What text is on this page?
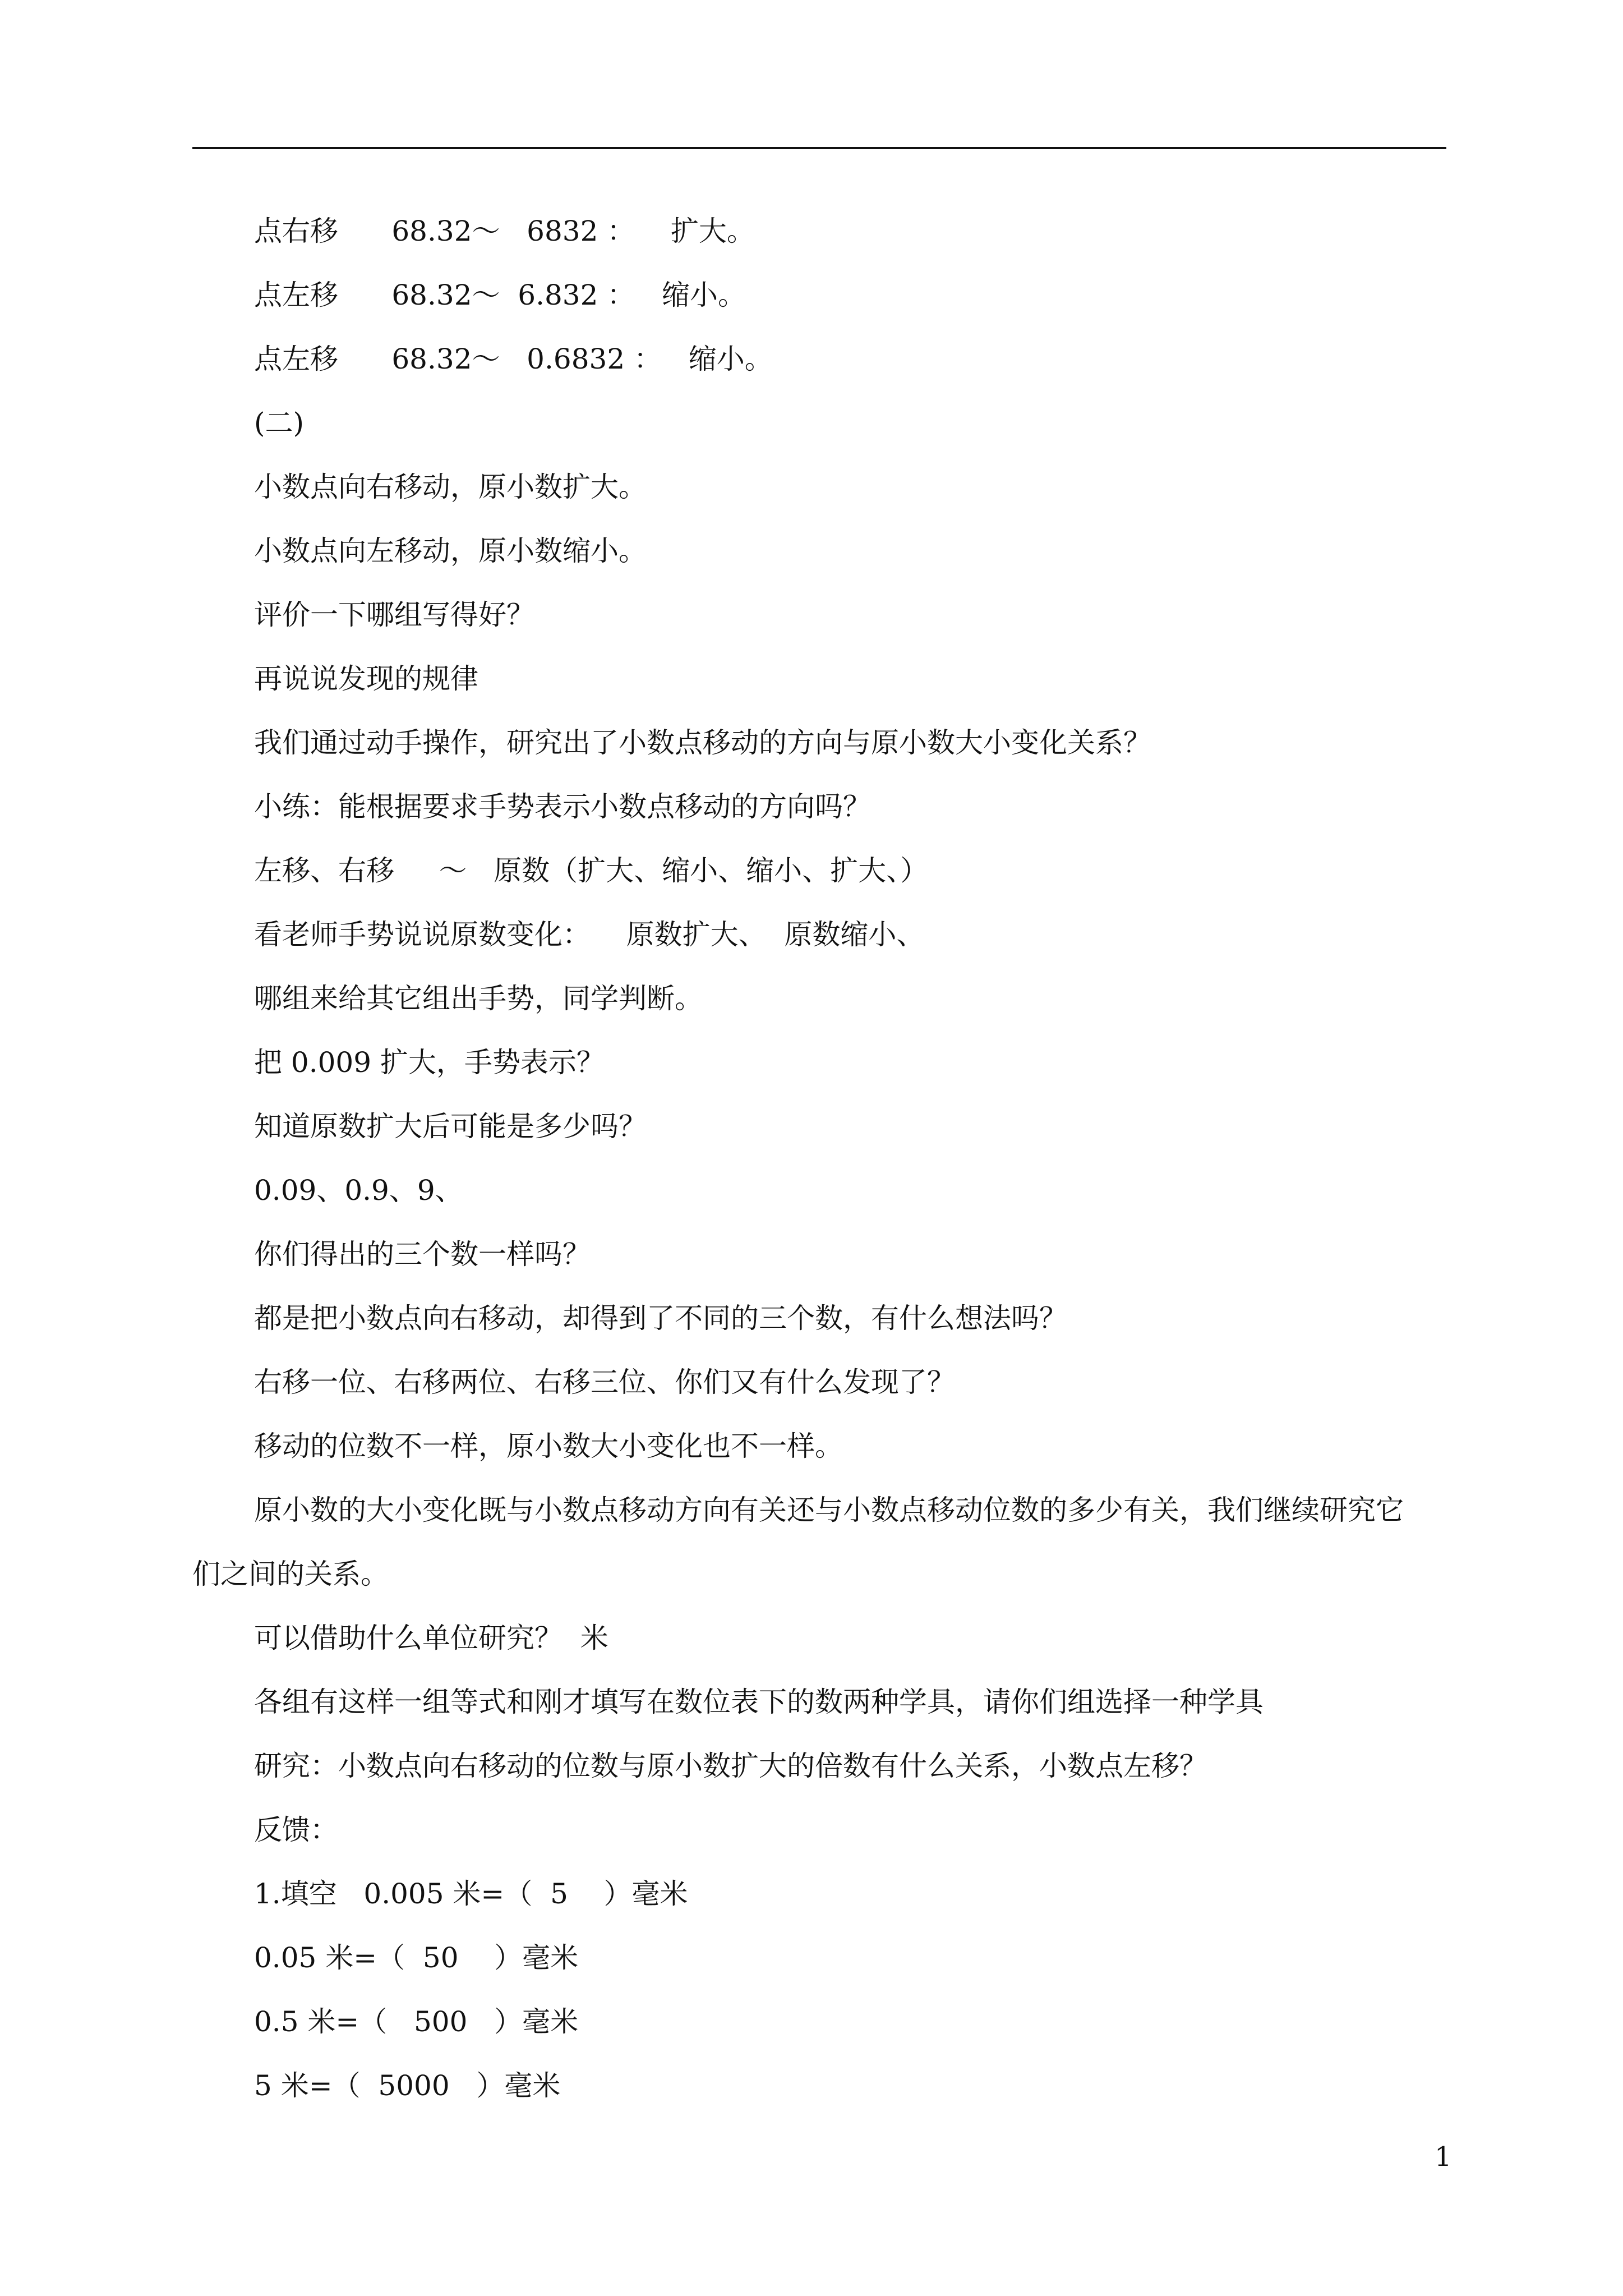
点右移      68.32～   6832 ：    扩大。
点左移      68.32～  6.832 ：   缩小。
点左移      68.32～   0.6832 ：   缩小。
(二)
小数点向右移动，原小数扩大。
小数点向左移动，原小数缩小。
评价一下哪组写得好？
再说说发现的规律
我们通过动手操作，研究出了小数点移动的方向与原小数大小变化关系？
小练：能根据要求手势表示小数点移动的方向吗？
左移、右移     ～   原数（扩大、缩小、缩小、扩大、）
看老师手势说说原数变化：    原数扩大、  原数缩小、
哪组来给其它组出手势，同学判断。
把 0.009 扩大，手势表示？
知道原数扩大后可能是多少吗？
0.09、0.9、9、
你们得出的三个数一样吗？
都是把小数点向右移动，却得到了不同的三个数，有什么想法吗？
右移一位、右移两位、右移三位、你们又有什么发现了？
移动的位数不一样，原小数大小变化也不一样。
原小数的大小变化既与小数点移动方向有关还与小数点移动位数的多少有关，我们继续研究它
们之间的关系。
可以借助什么单位研究？  米
各组有这样一组等式和刚才填写在数位表下的数两种学具，请你们组选择一种学具
研究：小数点向右移动的位数与原小数扩大的倍数有什么关系，小数点左移？
反馈：
1.填空   0.005 米=（  5    ）毫米
0.05 米=（  50    ）毫米
0.5 米=（   500   ）毫米
5 米=（  5000   ）毫米
1
